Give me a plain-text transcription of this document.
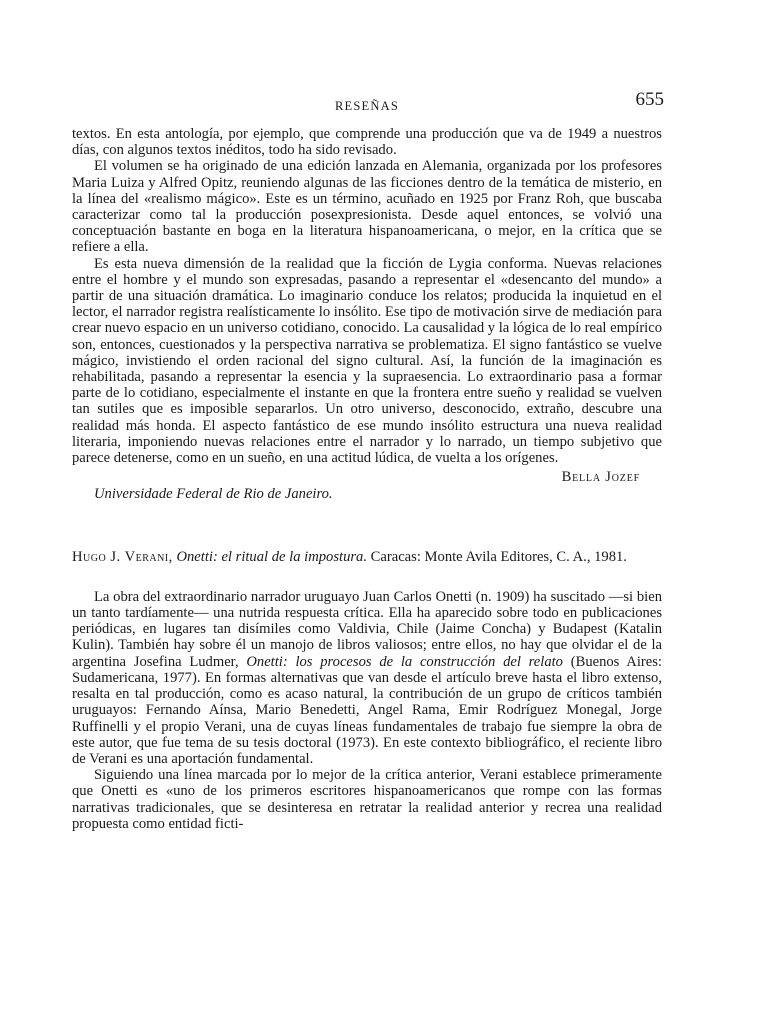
RESEÑAS	655

textos. En esta antología, por ejemplo, que comprende una producción que va de 1949 a nuestros días, con algunos textos inéditos, todo ha sido revisado.

El volumen se ha originado de una edición lanzada en Alemania, organizada por los profesores Maria Luiza y Alfred Opitz, reuniendo algunas de las ficciones dentro de la temática de misterio, en la línea del «realismo mágico». Este es un término, acuñado en 1925 por Franz Roh, que buscaba caracterizar como tal la producción posexpresionista. Desde aquel entonces, se volvió una conceptuación bastante en boga en la literatura hispanoamericana, o mejor, en la crítica que se refiere a ella.

Es esta nueva dimensión de la realidad que la ficción de Lygia conforma. Nuevas relaciones entre el hombre y el mundo son expresadas, pasando a representar el «desencanto del mundo» a partir de una situación dramática. Lo imaginario conduce los relatos; producida la inquietud en el lector, el narrador registra realísticamente lo insólito. Ese tipo de motivación sirve de mediación para crear nuevo espacio en un universo cotidiano, conocido. La causalidad y la lógica de lo real empírico son, entonces, cuestionados y la perspectiva narrativa se problematiza. El signo fantástico se vuelve mágico, invistiendo el orden racional del signo cultural. Así, la función de la imaginación es rehabilitada, pasando a representar la esencia y la supraesencia. Lo extraordinario pasa a formar parte de lo cotidiano, especialmente el instante en que la frontera entre sueño y realidad se vuelven tan sutiles que es imposible separarlos. Un otro universo, desconocido, extraño, descubre una realidad más honda. El aspecto fantástico de ese mundo insólito estructura una nueva realidad literaria, imponiendo nuevas relaciones entre el narrador y lo narrado, un tiempo subjetivo que parece detenerse, como en un sueño, en una actitud lúdica, de vuelta a los orígenes.

Bella Jozef
Universidade Federal de Rio de Janeiro.

Hugo J. Verani, Onetti: el ritual de la impostura. Caracas: Monte Avila Editores, C. A., 1981.

La obra del extraordinario narrador uruguayo Juan Carlos Onetti (n. 1909) ha suscitado —si bien un tanto tardíamente— una nutrida respuesta crítica. Ella ha aparecido sobre todo en publicaciones periódicas, en lugares tan disímiles como Valdivia, Chile (Jaime Concha) y Budapest (Katalin Kulin). También hay sobre él un manojo de libros valiosos; entre ellos, no hay que olvidar el de la argentina Josefina Ludmer, Onetti: los procesos de la construcción del relato (Buenos Aires: Sudamericana, 1977). En formas alternativas que van desde el artículo breve hasta el libro extenso, resalta en tal producción, como es acaso natural, la contribución de un grupo de críticos también uruguayos: Fernando Aínsa, Mario Benedetti, Angel Rama, Emir Rodríguez Monegal, Jorge Ruffinelli y el propio Verani, una de cuyas líneas fundamentales de trabajo fue siempre la obra de este autor, que fue tema de su tesis doctoral (1973). En este contexto bibliográfico, el reciente libro de Verani es una aportación fundamental.

Siguiendo una línea marcada por lo mejor de la crítica anterior, Verani establece primeramente que Onetti es «uno de los primeros escritores hispanoamericanos que rompe con las formas narrativas tradicionales, que se desinteresa en retratar la realidad anterior y recrea una realidad propuesta como entidad ficti-
